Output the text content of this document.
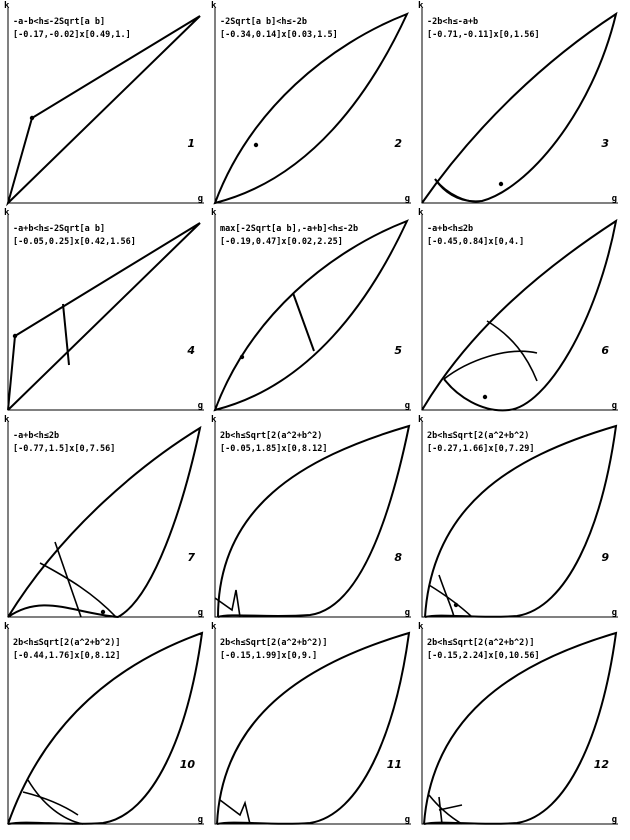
k
-a-b<h≤-2Sqrt[a b]
[-0.17,-0.02]x[0.49,1.]
1
g
k
-2Sqrt[a b]<h≤-2b
[-0.34,0.14]x[0.03,1.5]
2
g
k
-2b<h≤-a+b
[-0.71,-0.11]x[0,1.56]
3
g
k
-a+b<h≤-2Sqrt[a b]
[-0.05,0.25]x[0.42,1.56]
4
g
k
max[-2Sqrt[a b],-a+b]<h≤-2b
[-0.19,0.47]x[0.02,2.25]
5
g
k
-a+b<h≤2b
[-0.45,0.84]x[0,4.]
6
g
k
-a+b<h≤2b
[-0.77,1.5]x[0,7.56]
7
g
k
2b<h≤Sqrt[2(a^2+b^2)
[-0.05,1.85]x[0,8.12]
8
g
k
2b<h≤Sqrt[2(a^2+b^2)
[-0.27,1.66]x[0,7.29]
9
g
k
2b<h≤Sqrt[2(a^2+b^2)]
[-0.44,1.76]x[0,8.12]
10
g
k
2b<h≤Sqrt[2(a^2+b^2)]
[-0.15,1.99]x[0,9.]
11
g
k
2b<h≤Sqrt[2(a^2+b^2)]
[-0.15,2.24]x[0,10.56]
12
g
